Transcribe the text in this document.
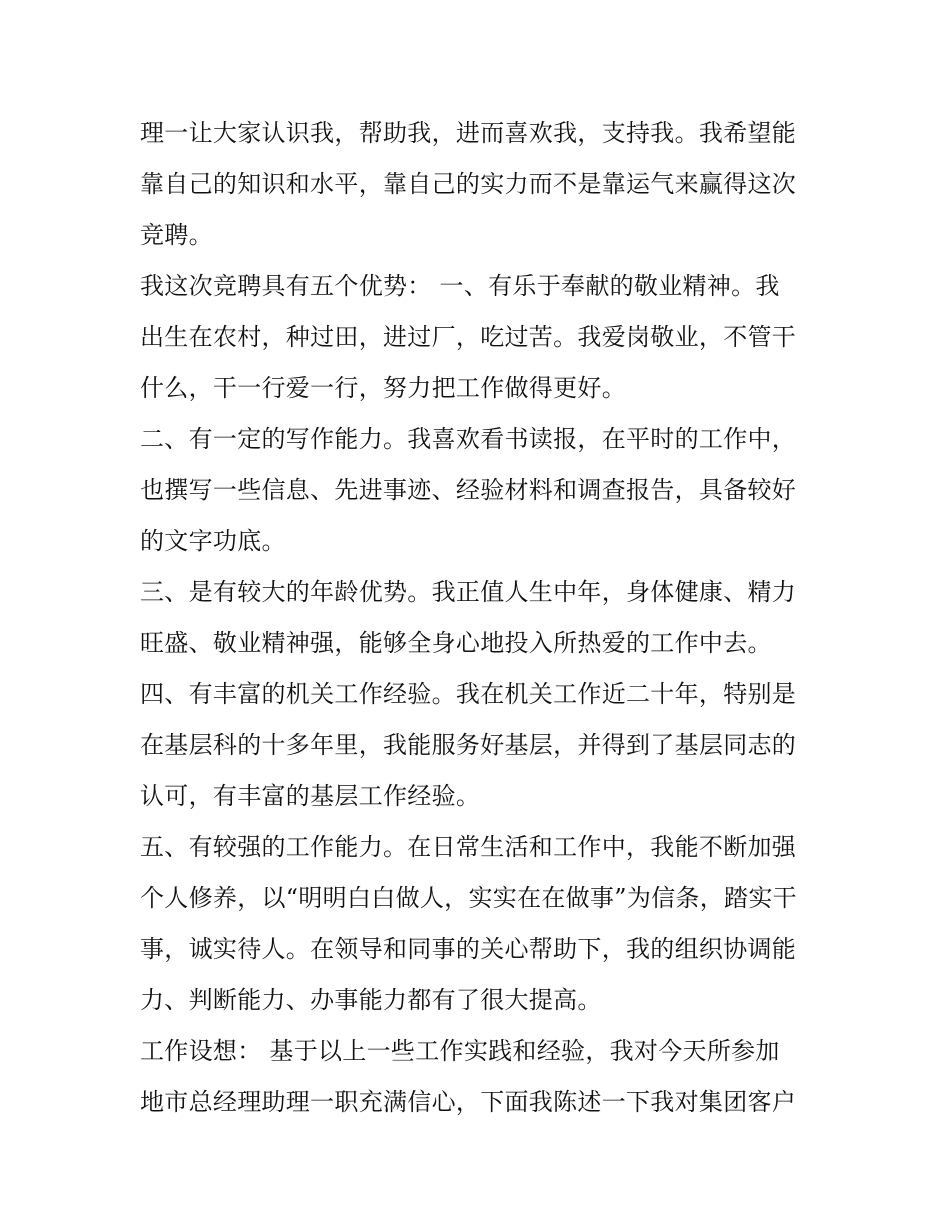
理一让大家认识我，帮助我，进而喜欢我，支持我。我希望能
靠自己的知识和水平，靠自己的实力而不是靠运气来赢得这次
竞聘。
我这次竞聘具有五个优势： 一、有乐于奉献的敬业精神。我
出生在农村，种过田，进过厂，吃过苦。我爱岗敬业，不管干
什么，干一行爱一行，努力把工作做得更好。
二、有一定的写作能力。我喜欢看书读报，在平时的工作中，
也撰写一些信息、先进事迹、经验材料和调查报告，具备较好
的文字功底。
三、是有较大的年龄优势。我正值人生中年，身体健康、精力
旺盛、敬业精神强，能够全身心地投入所热爱的工作中去。
四、有丰富的机关工作经验。我在机关工作近二十年，特别是
在基层科的十多年里，我能服务好基层，并得到了基层同志的
认可，有丰富的基层工作经验。
五、有较强的工作能力。在日常生活和工作中，我能不断加强
个人修养，以“明明白白做人，实实在在做事”为信条，踏实干
事，诚实待人。在领导和同事的关心帮助下，我的组织协调能
力、判断能力、办事能力都有了很大提高。
工作设想： 基于以上一些工作实践和经验，我对今天所参加
地市总经理助理一职充满信心，下面我陈述一下我对集团客户
